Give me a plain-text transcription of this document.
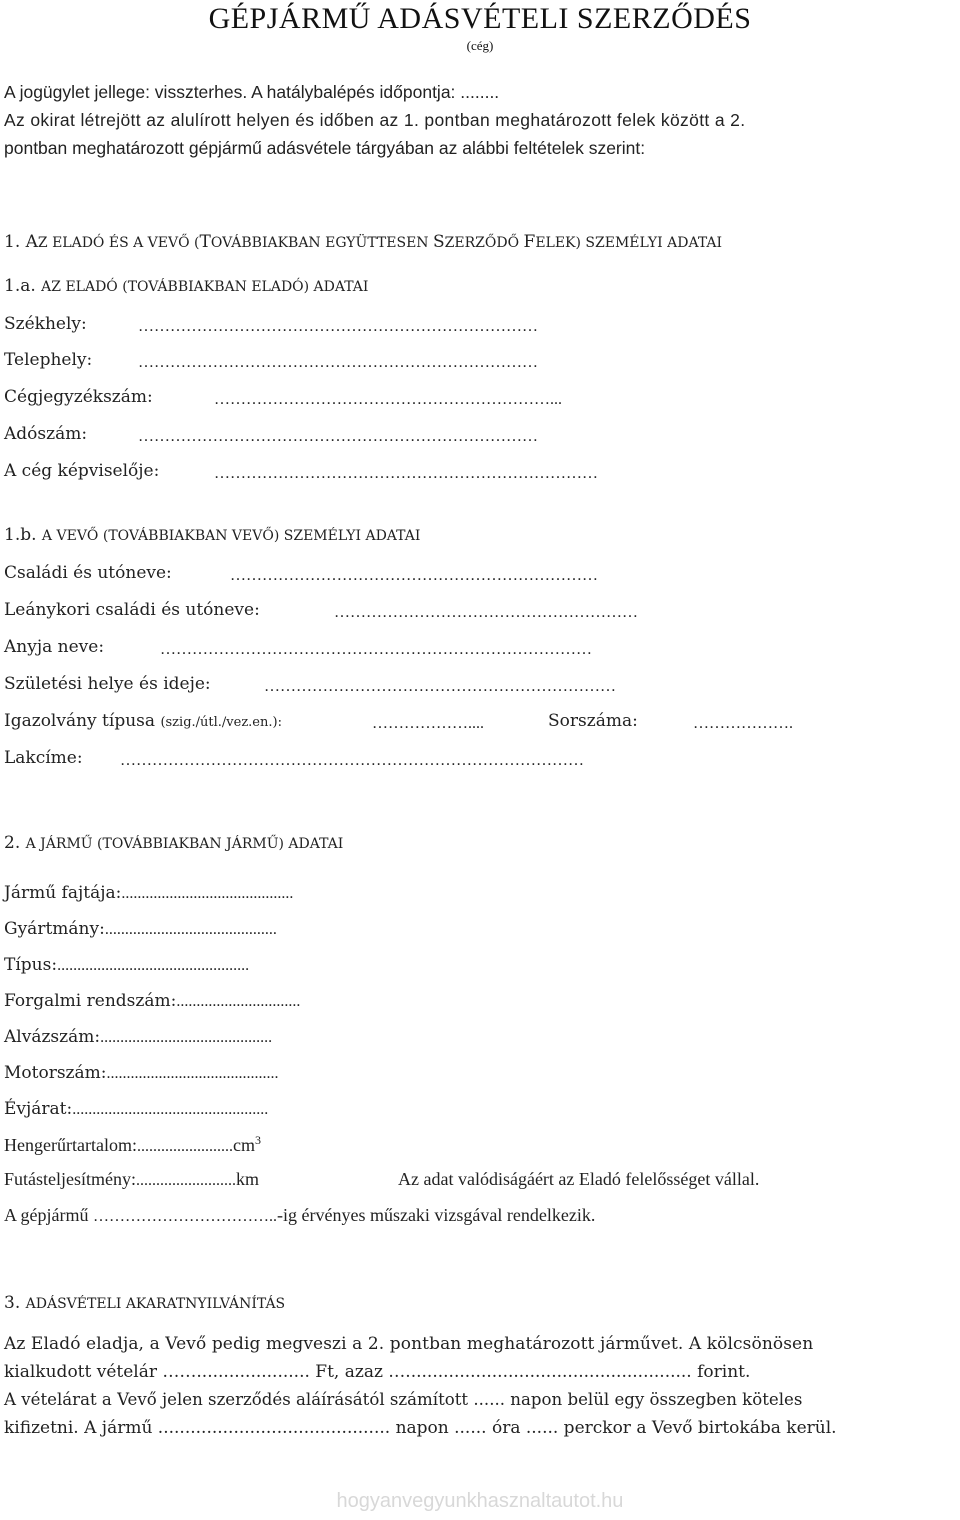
GÉPJÁRMŰ ADÁSVÉTELI SZERZŐDÉS
(cég)
A jogügylet jellege: visszterhes. A hatálybalépés időpontja: ........
Az okirat létrejött az alulírott helyen és időben az 1. pontban meghatározott felek között a 2.
pontban meghatározott gépjármű adásvétele tárgyában az alábbi feltételek szerint:
1. AZ ELADÓ ÉS A VEVŐ (TOVÁBBIAKBAN EGYÜTTESEN SZERZŐDŐ FELEK) SZEMÉLYI ADATAI
1.a. AZ ELADÓ (TOVÁBBIAKBAN ELADÓ) ADATAI
Székhely:	…………………………………………………………………
Telephely:	…………………………………………………………………
Cégjegyzékszám:	………………………………………………………...
Adószám:	…………………………………………………………………
A cég képviselője:	………………………………………………………………
1.b. A VEVŐ (TOVÁBBIAKBAN VEVŐ) SZEMÉLYI ADATAI
Családi és utóneve:	……………………………………………………………
Leánykori családi és utóneve:	…………………………………………………
Anyja neve:	………………………………………………………………………
Születési helye és ideje:	…………………………………………………………
Igazolvány típusa (szig./útl./vez.en.):	………………....	Sorszáma:	……………….
Lakcíme: ……………………………………………………………………………
2. A JÁRMŰ (TOVÁBBIAKBAN JÁRMŰ) ADATAI
Jármű fajtája:...........................................
Gyártmány:...........................................
Típus:................................................
Forgalmi rendszám:...............................
Alvázszám:...........................................
Motorszám:...........................................
Évjárat:.................................................
$Hengerűrtartalom:........................cm^3$
Futásteljesítmény:.........................km	Az adat valódiságáért az Eladó felelősséget vállal.
A gépjármű ……………………………..-ig érvényes műszaki vizsgával rendelkezik.
3. ADÁSVÉTELI AKARATNYILVÁNÍTÁS
Az Eladó eladja, a Vevő pedig megveszi a 2. pontban meghatározott járművet. A kölcsönösen
kialkudott vételár ……..................... Ft, azaz …..................................................... forint.
A vételárat a Vevő jelen szerződés aláírásától számított ...... napon belül egy összegben köteles
kifizetni. A jármű ........................................... napon ...... óra ...... perckor a Vevő birtokába kerül.
hogyanvegyunkhasznaltautot.hu
